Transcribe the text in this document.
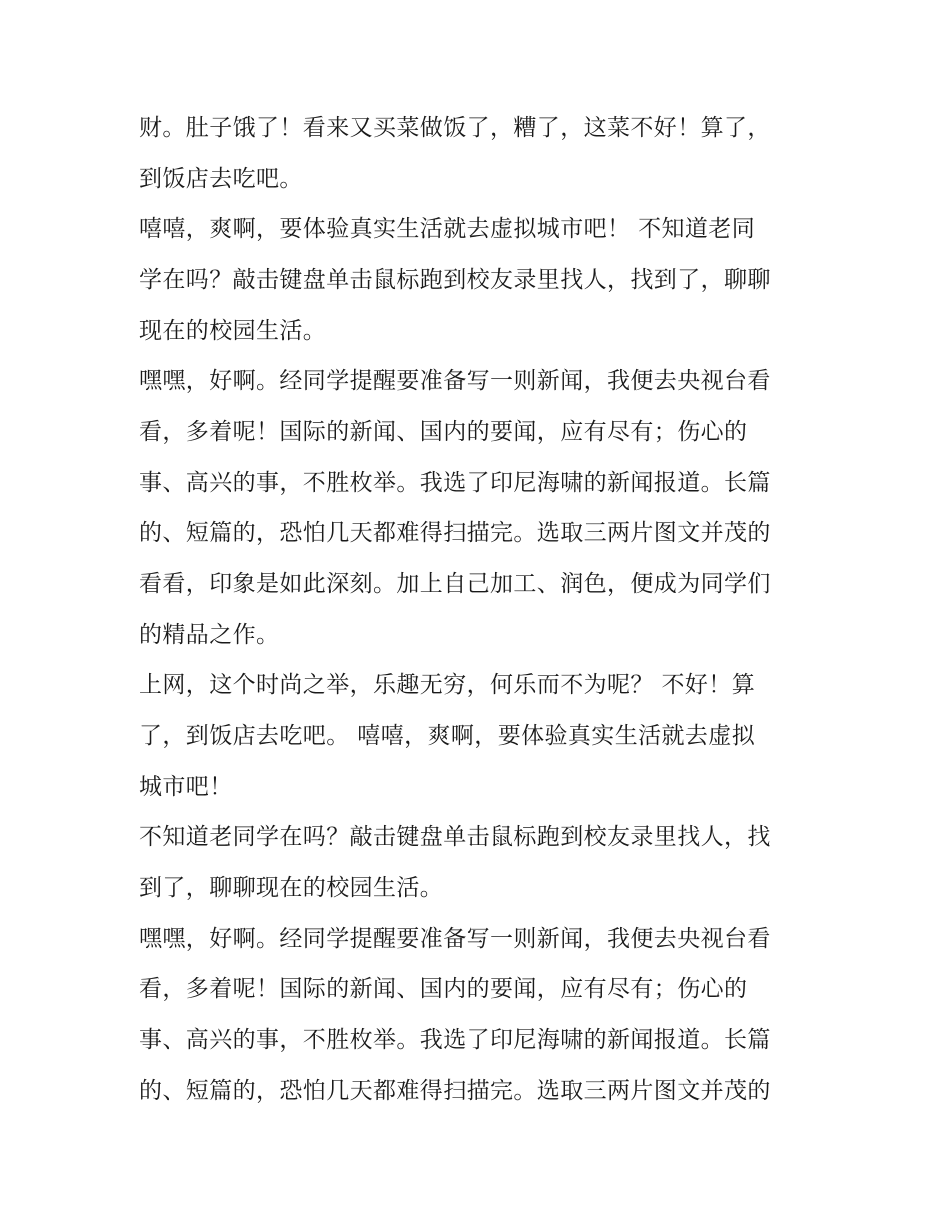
财。肚子饿了！看来又买菜做饭了，糟了，这菜不好！算了，
到饭店去吃吧。
嘻嘻，爽啊，要体验真实生活就去虚拟城市吧！ 不知道老同
学在吗？敲击键盘单击鼠标跑到校友录里找人，找到了，聊聊
现在的校园生活。
嘿嘿，好啊。经同学提醒要准备写一则新闻，我便去央视台看
看，多着呢！国际的新闻、国内的要闻，应有尽有；伤心的
事、高兴的事，不胜枚举。我选了印尼海啸的新闻报道。长篇
的、短篇的，恐怕几天都难得扫描完。选取三两片图文并茂的
看看，印象是如此深刻。加上自己加工、润色，便成为同学们
的精品之作。
上网，这个时尚之举，乐趣无穷，何乐而不为呢？ 不好！算
了，到饭店去吃吧。 嘻嘻，爽啊，要体验真实生活就去虚拟
城市吧！
不知道老同学在吗？敲击键盘单击鼠标跑到校友录里找人，找
到了，聊聊现在的校园生活。
嘿嘿，好啊。经同学提醒要准备写一则新闻，我便去央视台看
看，多着呢！国际的新闻、国内的要闻，应有尽有；伤心的
事、高兴的事，不胜枚举。我选了印尼海啸的新闻报道。长篇
的、短篇的，恐怕几天都难得扫描完。选取三两片图文并茂的
